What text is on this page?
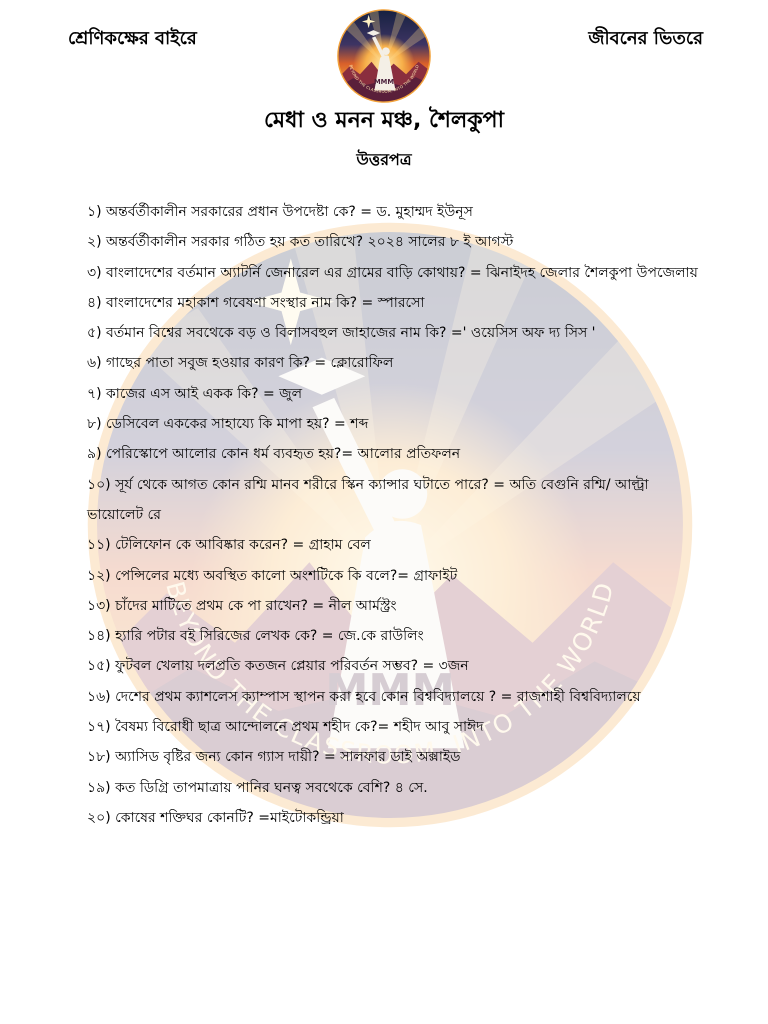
শ্রেণিকক্ষের বাইরে	জীবনের ভিতরে
মেধা ও মনন মঞ্চ, শৈলকুপা
উত্তরপত্র

১) অন্তর্বর্তীকালীন সরকারের প্রধান উপদেষ্টা কে? = ড. মুহাম্মদ ইউনূস

২) অন্তর্বর্তীকালীন সরকার গঠিত হয় কত তারিখে? ২০২৪ সালের ৮ ই আগস্ট

৩) বাংলাদেশের বর্তমান অ্যাটর্নি জেনারেল এর গ্রামের বাড়ি কোথায়? = ঝিনাইদহ জেলার শৈলকুপা উপজেলায়

৪) বাংলাদেশের মহাকাশ গবেষণা সংস্থার নাম কি? = স্পারসো

৫) বর্তমান বিশ্বের সবথেকে বড় ও বিলাসবহুল জাহাজের নাম কি? =' ওয়েসিস অফ দ্য সিস '

৬) গাছের পাতা সবুজ হওয়ার কারণ কি? = ক্লোরোফিল

৭) কাজের এস আই একক কি? = জুল

৮) ডেসিবেল এককের সাহায্যে কি মাপা হয়? = শব্দ

৯) পেরিস্কোপে আলোর কোন ধর্ম ব্যবহৃত হয়?= আলোর প্রতিফলন

১০) সূর্য থেকে আগত কোন রশ্মি মানব শরীরে স্কিন ক্যান্সার ঘটাতে পারে? = অতি বেগুনি রশ্মি/ আল্ট্রা ভায়োলেট রে

১১) টেলিফোন কে আবিষ্কার করেন? = গ্রাহাম বেল

১২) পেন্সিলের মধ্যে অবস্থিত কালো অংশটিকে কি বলে?= গ্রাফাইট

১৩) চাঁদের মাটিতে প্রথম কে পা রাখেন? = নীল আর্মস্ট্রং

১৪) হ্যারি পটার বই সিরিজের লেখক কে? = জে.কে রাউলিং

১৫) ফুটবল খেলায় দলপ্রতি কতজন প্লেয়ার পরিবর্তন সম্ভব? = ৩জন

১৬) দেশের প্রথম ক্যাশলেস ক্যাম্পাস স্থাপন করা হবে কোন বিশ্ববিদ্যালয়ে ? = রাজশাহী বিশ্ববিদ্যালয়ে

১৭) বৈষম্য বিরোধী ছাত্র আন্দোলনে প্রথম শহীদ কে?= শহীদ আবু সাঈদ

১৮) অ্যাসিড বৃষ্টির জন্য কোন গ্যাস দায়ী? = সালফার ডাই অক্সাইড

১৯) কত ডিগ্রি তাপমাত্রায় পানির ঘনত্ব সবথেকে বেশি? ৪ সে.

২০) কোষের শক্তিঘর কোনটি? =মাইটোকন্ড্রিয়া
